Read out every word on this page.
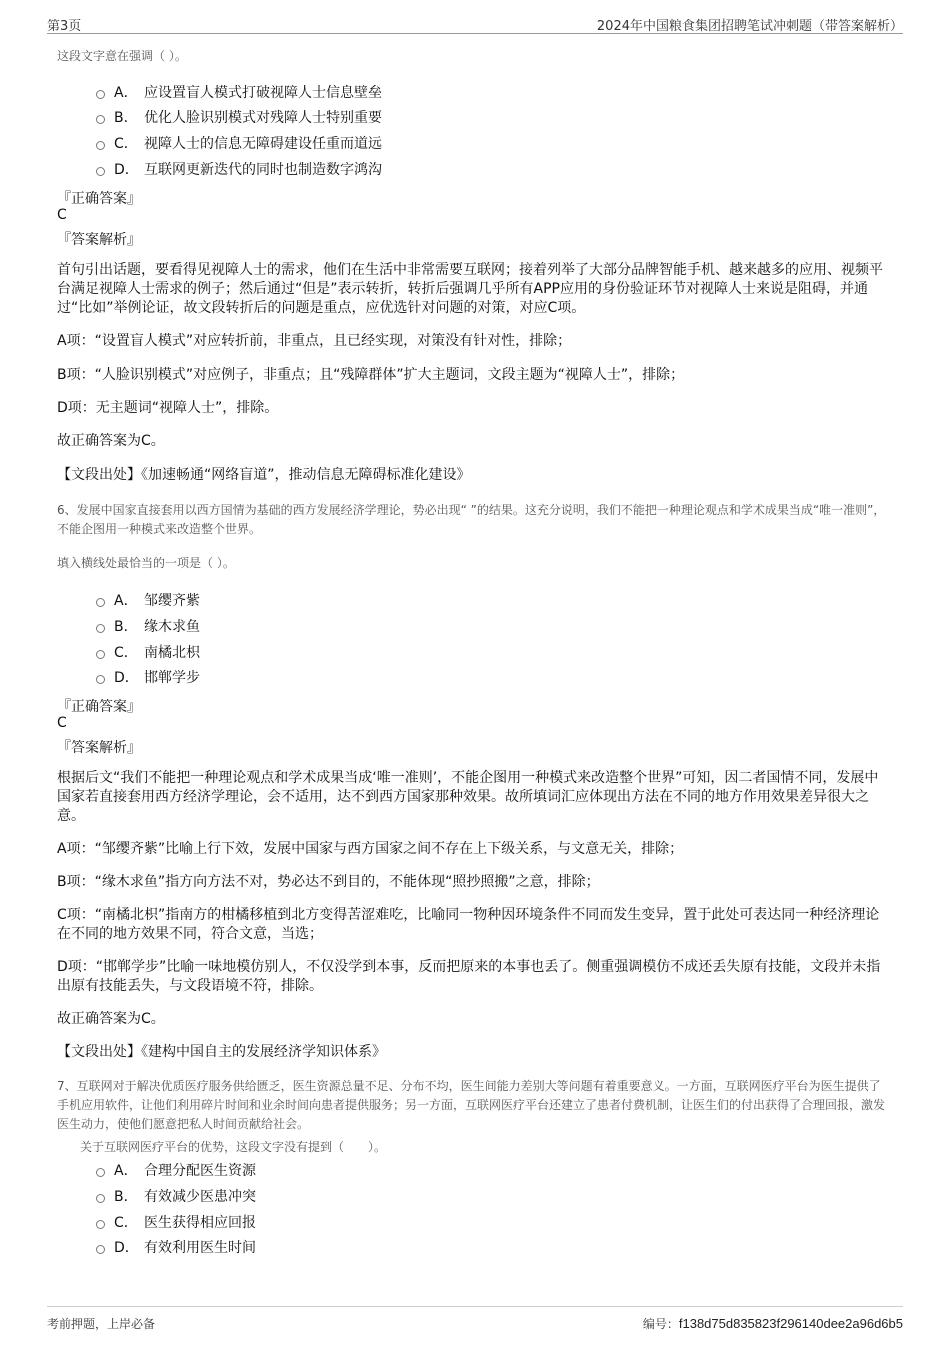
第3页	2024年中国粮食集团招聘笔试冲刺题（带答案解析）
这段文字意在强调（ ）。
A． 应设置盲人模式打破视障人士信息壁垒
B． 优化人脸识别模式对残障人士特别重要
C． 视障人士的信息无障碍建设任重而道远
D． 互联网更新迭代的同时也制造数字鸿沟
『正确答案』
C
『答案解析』
首句引出话题，要看得见视障人士的需求，他们在生活中非常需要互联网；接着列举了大部分品牌智能手机、越来越多的应用、视频平台满足视障人士需求的例子；然后通过“但是”表示转折，转折后强调几乎所有APP应用的身份验证环节对视障人士来说是阻碍，并通过“比如”举例论证，故文段转折后的问题是重点，应优选针对问题的对策，对应C项。
A项：“设置盲人模式”对应转折前，非重点，且已经实现，对策没有针对性，排除；
B项：“人脸识别模式”对应例子，非重点；且“残障群体”扩大主题词，文段主题为“视障人士”，排除；
D项：无主题词“视障人士”，排除。
故正确答案为C。
【文段出处】《加速畅通“网络盲道”，推动信息无障碍标准化建设》
6、发展中国家直接套用以西方国情为基础的西方发展经济学理论，势必出现“ ”的结果。这充分说明，我们不能把一种理论观点和学术成果当成“唯一准则”，不能企图用一种模式来改造整个世界。
填入横线处最恰当的一项是（ ）。
A． 邹缨齐紫
B． 缘木求鱼
C． 南橘北枳
D． 邯郸学步
『正确答案』
C
『答案解析』
根据后文“我们不能把一种理论观点和学术成果当成‘唯一准则’，不能企图用一种模式来改造整个世界”可知，因二者国情不同，发展中国家若直接套用西方经济学理论，会不适用，达不到西方国家那种效果。故所填词汇应体现出方法在不同的地方作用效果差异很大之意。
A项：“邹缨齐紫”比喻上行下效，发展中国家与西方国家之间不存在上下级关系，与文意无关，排除；
B项：“缘木求鱼”指方向方法不对，势必达不到目的，不能体现“照抄照搬”之意，排除；
C项：“南橘北枳”指南方的柑橘移植到北方变得苦涩难吃，比喻同一物种因环境条件不同而发生变异，置于此处可表达同一种经济理论在不同的地方效果不同，符合文意，当选；
D项：“邯郸学步”比喻一味地模仿别人，不仅没学到本事，反而把原来的本事也丢了。侧重强调模仿不成还丢失原有技能，文段并未指出原有技能丢失，与文段语境不符，排除。
故正确答案为C。
【文段出处】《建构中国自主的发展经济学知识体系》
7、互联网对于解决优质医疗服务供给匮乏，医生资源总量不足、分布不均，医生间能力差别大等问题有着重要意义。一方面，互联网医疗平台为医生提供了手机应用软件，让他们利用碎片时间和业余时间向患者提供服务；另一方面，互联网医疗平台还建立了患者付费机制，让医生们的付出获得了合理回报，激发医生动力，使他们愿意把私人时间贡献给社会。
关于互联网医疗平台的优势，这段文字没有提到（　　）。
A． 合理分配医生资源
B． 有效减少医患冲突
C． 医生获得相应回报
D． 有效利用医生时间
考前押题，上岸必备	编号：f138d75d835823f296140dee2a96d6b5
